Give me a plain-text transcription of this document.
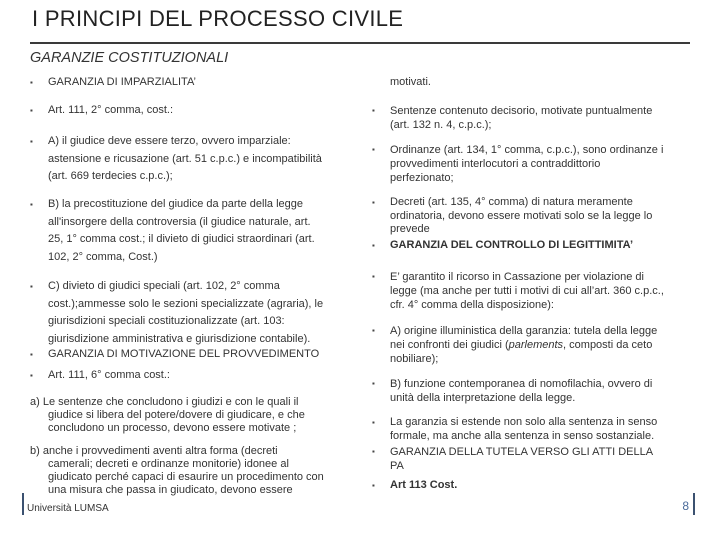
I PRINCIPI DEL PROCESSO CIVILE
GARANZIE COSTITUZIONALI
▪	GARANZIA DI IMPARZIALITA’
▪	Art. 111, 2° comma, cost.:
▪	A) il giudice deve essere terzo, ovvero imparziale:
astensione e ricusazione (art. 51 c.p.c.) e incompatibilità
(art. 669 terdecies c.p.c.);
▪	B) la precostituzione del giudice da parte della legge
all'insorgere della controversia (il giudice naturale, art.
25, 1° comma cost.; il divieto di giudici straordinari (art.
102, 2° comma, Cost.)
▪	C) divieto di giudici speciali (art. 102, 2° comma
cost.);ammesse solo le sezioni specializzate (agraria), le
giurisdizioni speciali costituzionalizzate (art. 103:
giurisdizione amministrativa e giurisdizione contabile).
▪	GARANZIA DI MOTIVAZIONE DEL PROVVEDIMENTO
▪	Art. 111, 6° comma cost.:
a) Le sentenze che concludono i giudizi e con le quali il
giudice si libera del potere/dovere di giudicare, e che
concludono un processo, devono essere motivate ;
b) anche i provvedimenti aventi altra forma (decreti
camerali; decreti e ordinanze monitorie) idonee al
giudicato perché capaci di esaurire un procedimento con
una misura che passa in giudicato, devono essere
motivati.
▪	Sentenze contenuto decisorio, motivate puntualmente
(art. 132 n. 4, c.p.c.);
▪	Ordinanze (art. 134, 1° comma, c.p.c.), sono ordinanze i
provvedimenti interlocutori a contraddittorio
perfezionato;
▪	Decreti (art. 135, 4° comma) di natura meramente
ordinatoria, devono essere motivati solo se la legge lo
prevede
▪	GARANZIA DEL CONTROLLO DI LEGITTIMITA’
▪	E’ garantito il ricorso in Cassazione per violazione di
legge (ma anche per tutti i motivi di cui all’art. 360 c.p.c.,
cfr. 4° comma della disposizione):
▪	A) origine illuministica della garanzia: tutela della legge
nei confronti dei giudici (parlements, composti da ceto
nobiliare);
▪	B) funzione contemporanea di nomofilachia, ovvero di
unità della interpretazione della legge.
▪	La garanzia si estende non solo alla sentenza in senso
formale, ma anche alla sentenza in senso sostanziale.
▪	GARANZIA DELLA TUTELA VERSO GLI ATTI DELLA
PA
▪	Art 113 Cost.
Università LUMSA	8
